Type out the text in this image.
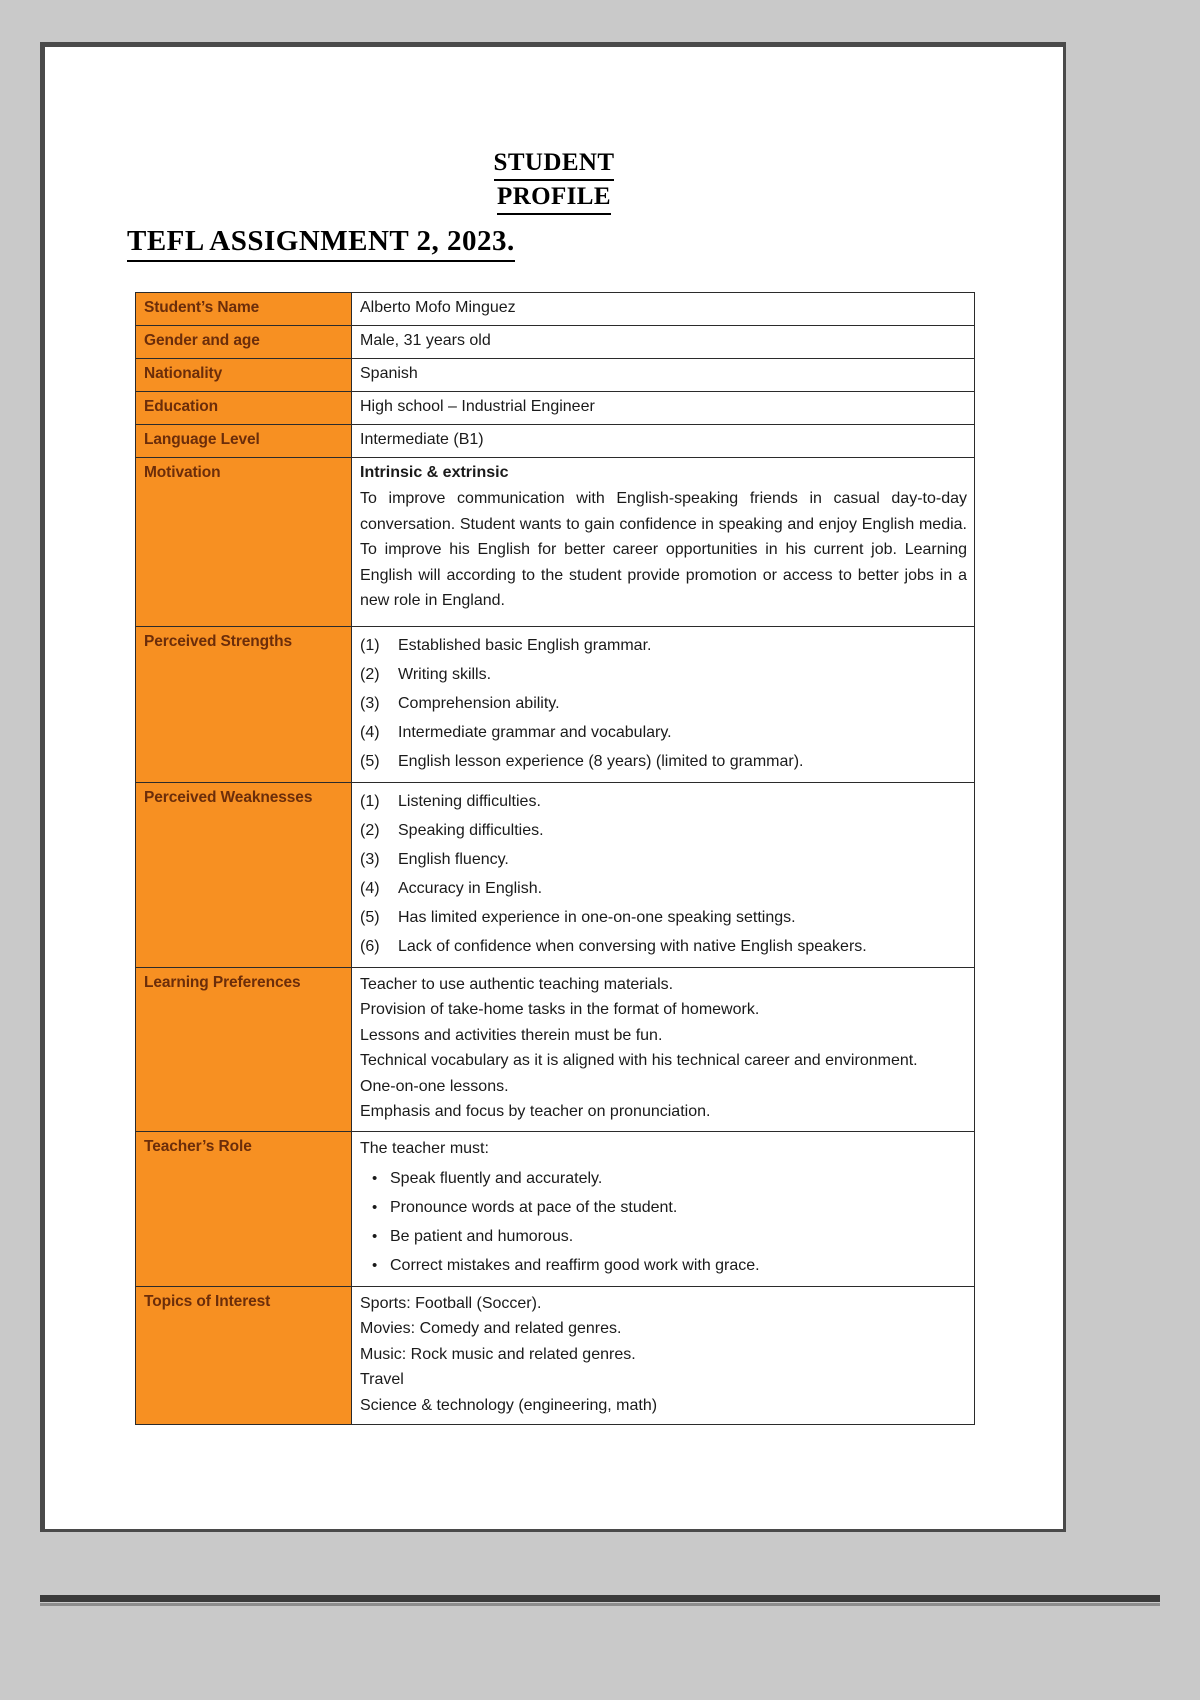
STUDENT
PROFILE
TEFL ASSIGNMENT 2, 2023.
Student’s Name	Alberto Mofo Minguez
Gender and age	Male, 31 years old
Nationality	Spanish
Education	High school – Industrial Engineer
Language Level	Intermediate (B1)
Motivation	Intrinsic & extrinsic

To improve communication with English-speaking friends in casual day-to-day conversation. Student wants to gain confidence in speaking and enjoy English media. To improve his English for better career opportunities in his current job. Learning English will according to the student provide promotion or access to better jobs in a new role in England.

Perceived Strengths	(1) Established basic English grammar.
(2) Writing skills.
(3) Comprehension ability.
(4) Intermediate grammar and vocabulary.
(5) English lesson experience (8 years) (limited to grammar).

Perceived Weaknesses	(1) Listening difficulties.
(2) Speaking difficulties.
(3) English fluency.
(4) Accuracy in English.
(5) Has limited experience in one-on-one speaking settings.
(6) Lack of confidence when conversing with native English speakers.

Learning Preferences	Teacher to use authentic teaching materials.
Provision of take-home tasks in the format of homework.
Lessons and activities therein must be fun.
Technical vocabulary as it is aligned with his technical career and environment.
One-on-one lessons.
Emphasis and focus by teacher on pronunciation.

Teacher’s Role	The teacher must:
• Speak fluently and accurately.
• Pronounce words at pace of the student.
• Be patient and humorous.
• Correct mistakes and reaffirm good work with grace.

Topics of Interest	Sports: Football (Soccer).
Movies: Comedy and related genres.
Music: Rock music and related genres.
Travel
Science & technology (engineering, math)
